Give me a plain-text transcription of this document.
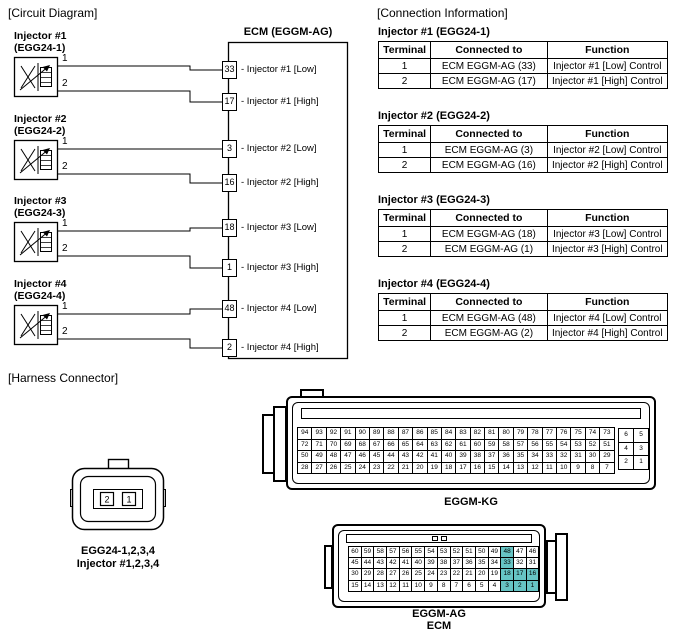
[Circuit Diagram]	[Connection Information]
[Harness Connector]
ECM (EGGM-AG)
Injector #1
(EGG24-1)
1
2
33 - Injector #1 [Low]
17 - Injector #1 [High]
Injector #2
(EGG24-2)
1
2
3 - Injector #2 [Low]
16 - Injector #2 [High]
Injector #3
(EGG24-3)
1
2
18 - Injector #3 [Low]
1 - Injector #3 [High]
Injector #4
(EGG24-4)
1
2
48 - Injector #4 [Low]
2 - Injector #4 [High]
Injector #1 (EGG24-1)
Terminal	Connected to	Function
1	ECM EGGM-AG (33)	Injector #1 [Low] Control
2	ECM EGGM-AG (17)	Injector #1 [High] Control
Injector #2 (EGG24-2)
Terminal	Connected to	Function
1	ECM EGGM-AG (3)	Injector #2 [Low] Control
2	ECM EGGM-AG (16)	Injector #2 [High] Control
Injector #3 (EGG24-3)
Terminal	Connected to	Function
1	ECM EGGM-AG (18)	Injector #3 [Low] Control
2	ECM EGGM-AG (1)	Injector #3 [High] Control
Injector #4 (EGG24-4)
Terminal	Connected to	Function
1	ECM EGGM-AG (48)	Injector #4 [Low] Control
2	ECM EGGM-AG (2)	Injector #4 [High] Control
2 1
EGG24-1,2,3,4
Injector #1,2,3,4
EGGM-KG
EGGM-AG
ECM
94	93	92	91	90	89	88	87	86	85	84	83	82	81	80	79	78	77	76	75	74	73
72	71	70	69	68	67	66	65	64	63	62	61	60	59	58	57	56	55	54	53	52	51
50	49	48	47	46	45	44	43	42	41	40	39	38	37	36	35	34	33	32	31	30	29
28	27	26	25	24	23	22	21	20	19	18	17	16	15	14	13	12	11	10	9	8	7
6	5
4	3
2	1
60 59 58 57 56 55 54 53 52 51 50 49 48 47 46
45 44 43 42 41 40 39 38 37 36 35 34 33 32 31
30 29 28 27 26 25 24 23 22 21 20 19 18 17 16
15 14 13 12 11 10	9	8	7	6	5	4	3	2	1
